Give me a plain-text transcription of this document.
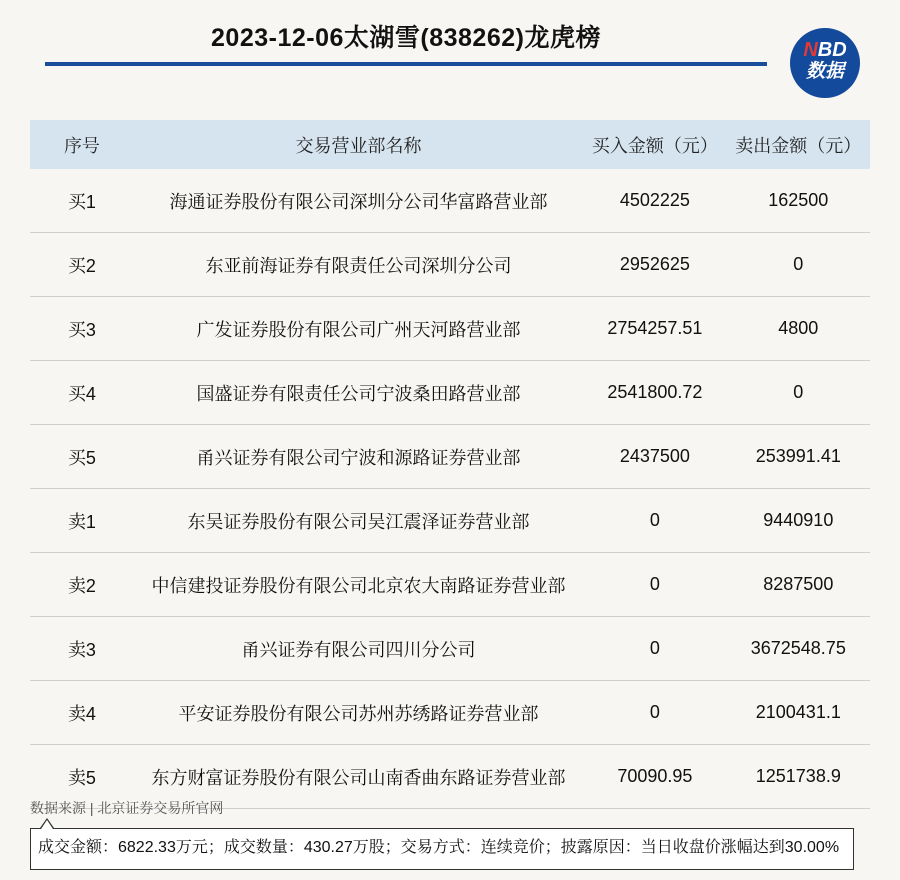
2023-12-06太湖雪(838262)龙虎榜	NBD
数据
序号	交易营业部名称	买入金额（元）	卖出金额（元）
买1	海通证券股份有限公司深圳分公司华富路营业部	4502225	162500
买2	东亚前海证券有限责任公司深圳分公司	2952625	0
买3	广发证券股份有限公司广州天河路营业部	2754257.51	4800
买4	国盛证券有限责任公司宁波桑田路营业部	2541800.72	0
买5	甬兴证券有限公司宁波和源路证券营业部	2437500	253991.41
卖1	东吴证券股份有限公司吴江震泽证券营业部	0	9440910
卖2	中信建投证券股份有限公司北京农大南路证券营业部	0	8287500
卖3	甬兴证券有限公司四川分公司	0	3672548.75
卖4	平安证券股份有限公司苏州苏绣路证券营业部	0	2100431.1
卖5	东方财富证券股份有限公司山南香曲东路证券营业部	70090.95	1251738.9
数据来源 | 北京证券交易所官网
成交金额：6822.33万元；成交数量：430.27万股；交易方式：连续竞价；披露原因：当日收盘价涨幅达到30.00%
